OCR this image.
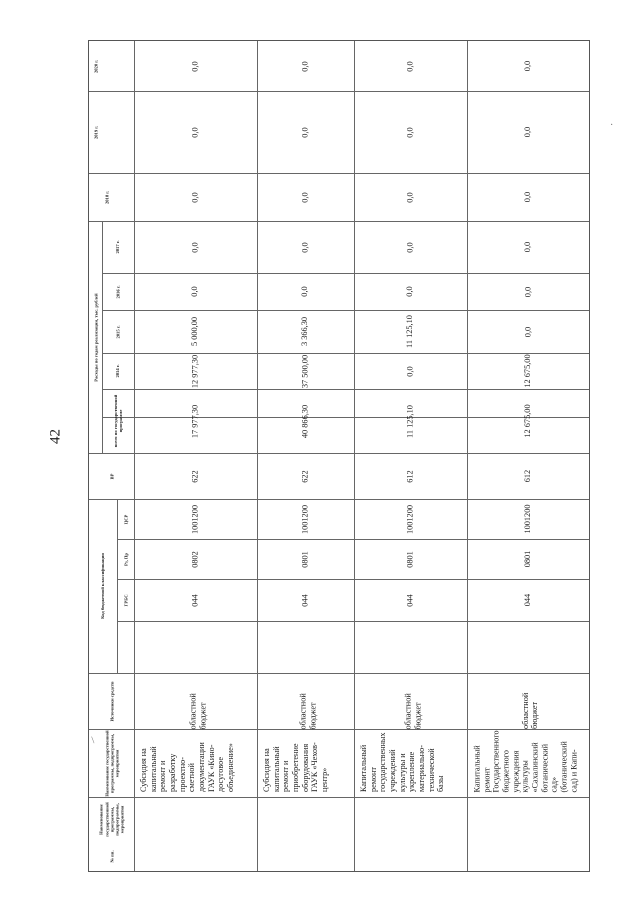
42
2020 г.
2019 г.
2018 г.
Расходы по годам реализации, тыс. рублей
2017 г.
2016 г.
2015 г.
2014 г.
всего по государственной программе
ВР
Код бюджетной классификации
ЦСР
Рз, Пр
ГРБС
Источники средств
Наименование государственной программы, подпрограммы, мероприятия
Наименование государственной программы, подпрограммы, мероприятия
№ пп.
0,0
0,0
0,0
0,0
0,0
5 000,00
12 977,30
17 977,30
622
1001200
0802
044
областной бюджет
Субсидия на капитальный ремонт и разработку проектно-сметной документации ГАУК «Кино-досуговое объединение»
0,0
0,0
0,0
0,0
0,0
3 366,30
37 500,00
40 866,30
622
1001200
0801
044
областной бюджет
Субсидия на капитальный ремонт и приобретение оборудования ГАУК «Чехов-центр»
0,0
0,0
0,0
0,0
0,0
11 125,10
0,0
11 125,10
612
1001200
0801
044
областной бюджет
Капитальный ремонт государственных учреждений культуры и укрепление материально-технической базы
0,0
0,0
0,0
0,0
0,0
0,0
12 675,00
12 675,00
612
1001200
0801
044
областной бюджет
Капитальный ремонт Государственного бюджетного учреждения культуры «Сахалинский ботанический сад» (ботанический сад) и Капи-
·
/
